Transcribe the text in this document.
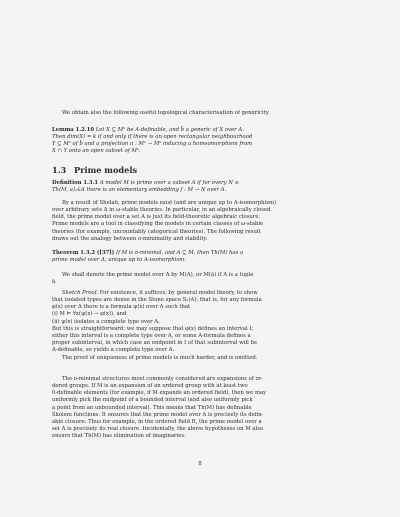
We obtain also the following useful topological characterisation of genericity.

Lemma 1.2.10 Let X ⊆ Mⁿ be A-definable, and b̄ a generic of X over A.
Then dim(X) = k if and only if there is an open rectangular neighbourhood
Y ⊆ Mⁿ of b̄ and a projection π : Mⁿ → Mᵏ inducing a homeomorphism from
X ∩ Y onto an open subset of Mᵏ.

1.3 Prime models

Definition 1.3.1 A model M is prime over a subset A if for every N ≡
Th(M, a)ₐ∈A there is an elementary embedding f : M → N over A.

By a result of Shelah, prime models exist (and are unique up to A-isomorphism)
over arbitrary sets A in ω-stable theories. In particular, in an algebraically closed
field, the prime model over a set A is just its field-theoretic algebraic closure.
Prime models are a tool in classifying the models in certain classes of ω-stable
theories (for example, uncountably categorical theories). The following result
draws out the analogy between o-minimality and stability.

Theorem 1.3.2 ([37]) If M is o-minimal, and A ⊆ M, then Th(M) has a
prime model over A, unique up to A-isomorphism.

We shall denote the prime model over A by M(A), or M(ā) if A is a tuple
ā.

Sketch Proof. For existence, it suffices, by general model theory, to show
that isolated types are dense in the Stone space S₁(A); that is, for any formula
φ(x) over A there is a formula ψ(x) over A such that
(i) M ⊨ ∀x(ψ(x) → φ(x)), and
(ii) ψ(x) isolates a complete type over A.
But this is straightforward: we may suppose that φ(x) defines an interval I;
either this interval is a complete type over A, or some A-formula defines a
proper subinterval, in which case an endpoint in I of that subinterval will be
A-definable, so yields a complete type over A.

The proof of uniqueness of prime models is much harder, and is omitted.

The o-minimal structures most commonly considered are expansions of or-
dered groups. If M is an expansion of an ordered group with at least two
0-definable elements (for example, if M expands an ordered field), then we may
uniformly pick the midpoint of a bounded interval (and also uniformly pick
a point from an unbounded interval). This means that Th(M) has definable
Skolem functions. It ensures that the prime model over A is precisely its defin-
able closure. Thus for example, in the ordered field R, the prime model over a
set A is precisely its real closure. Incidentally, the above hypotheses on M also
ensure that Th(M) has elimination of imaginaries.

8
